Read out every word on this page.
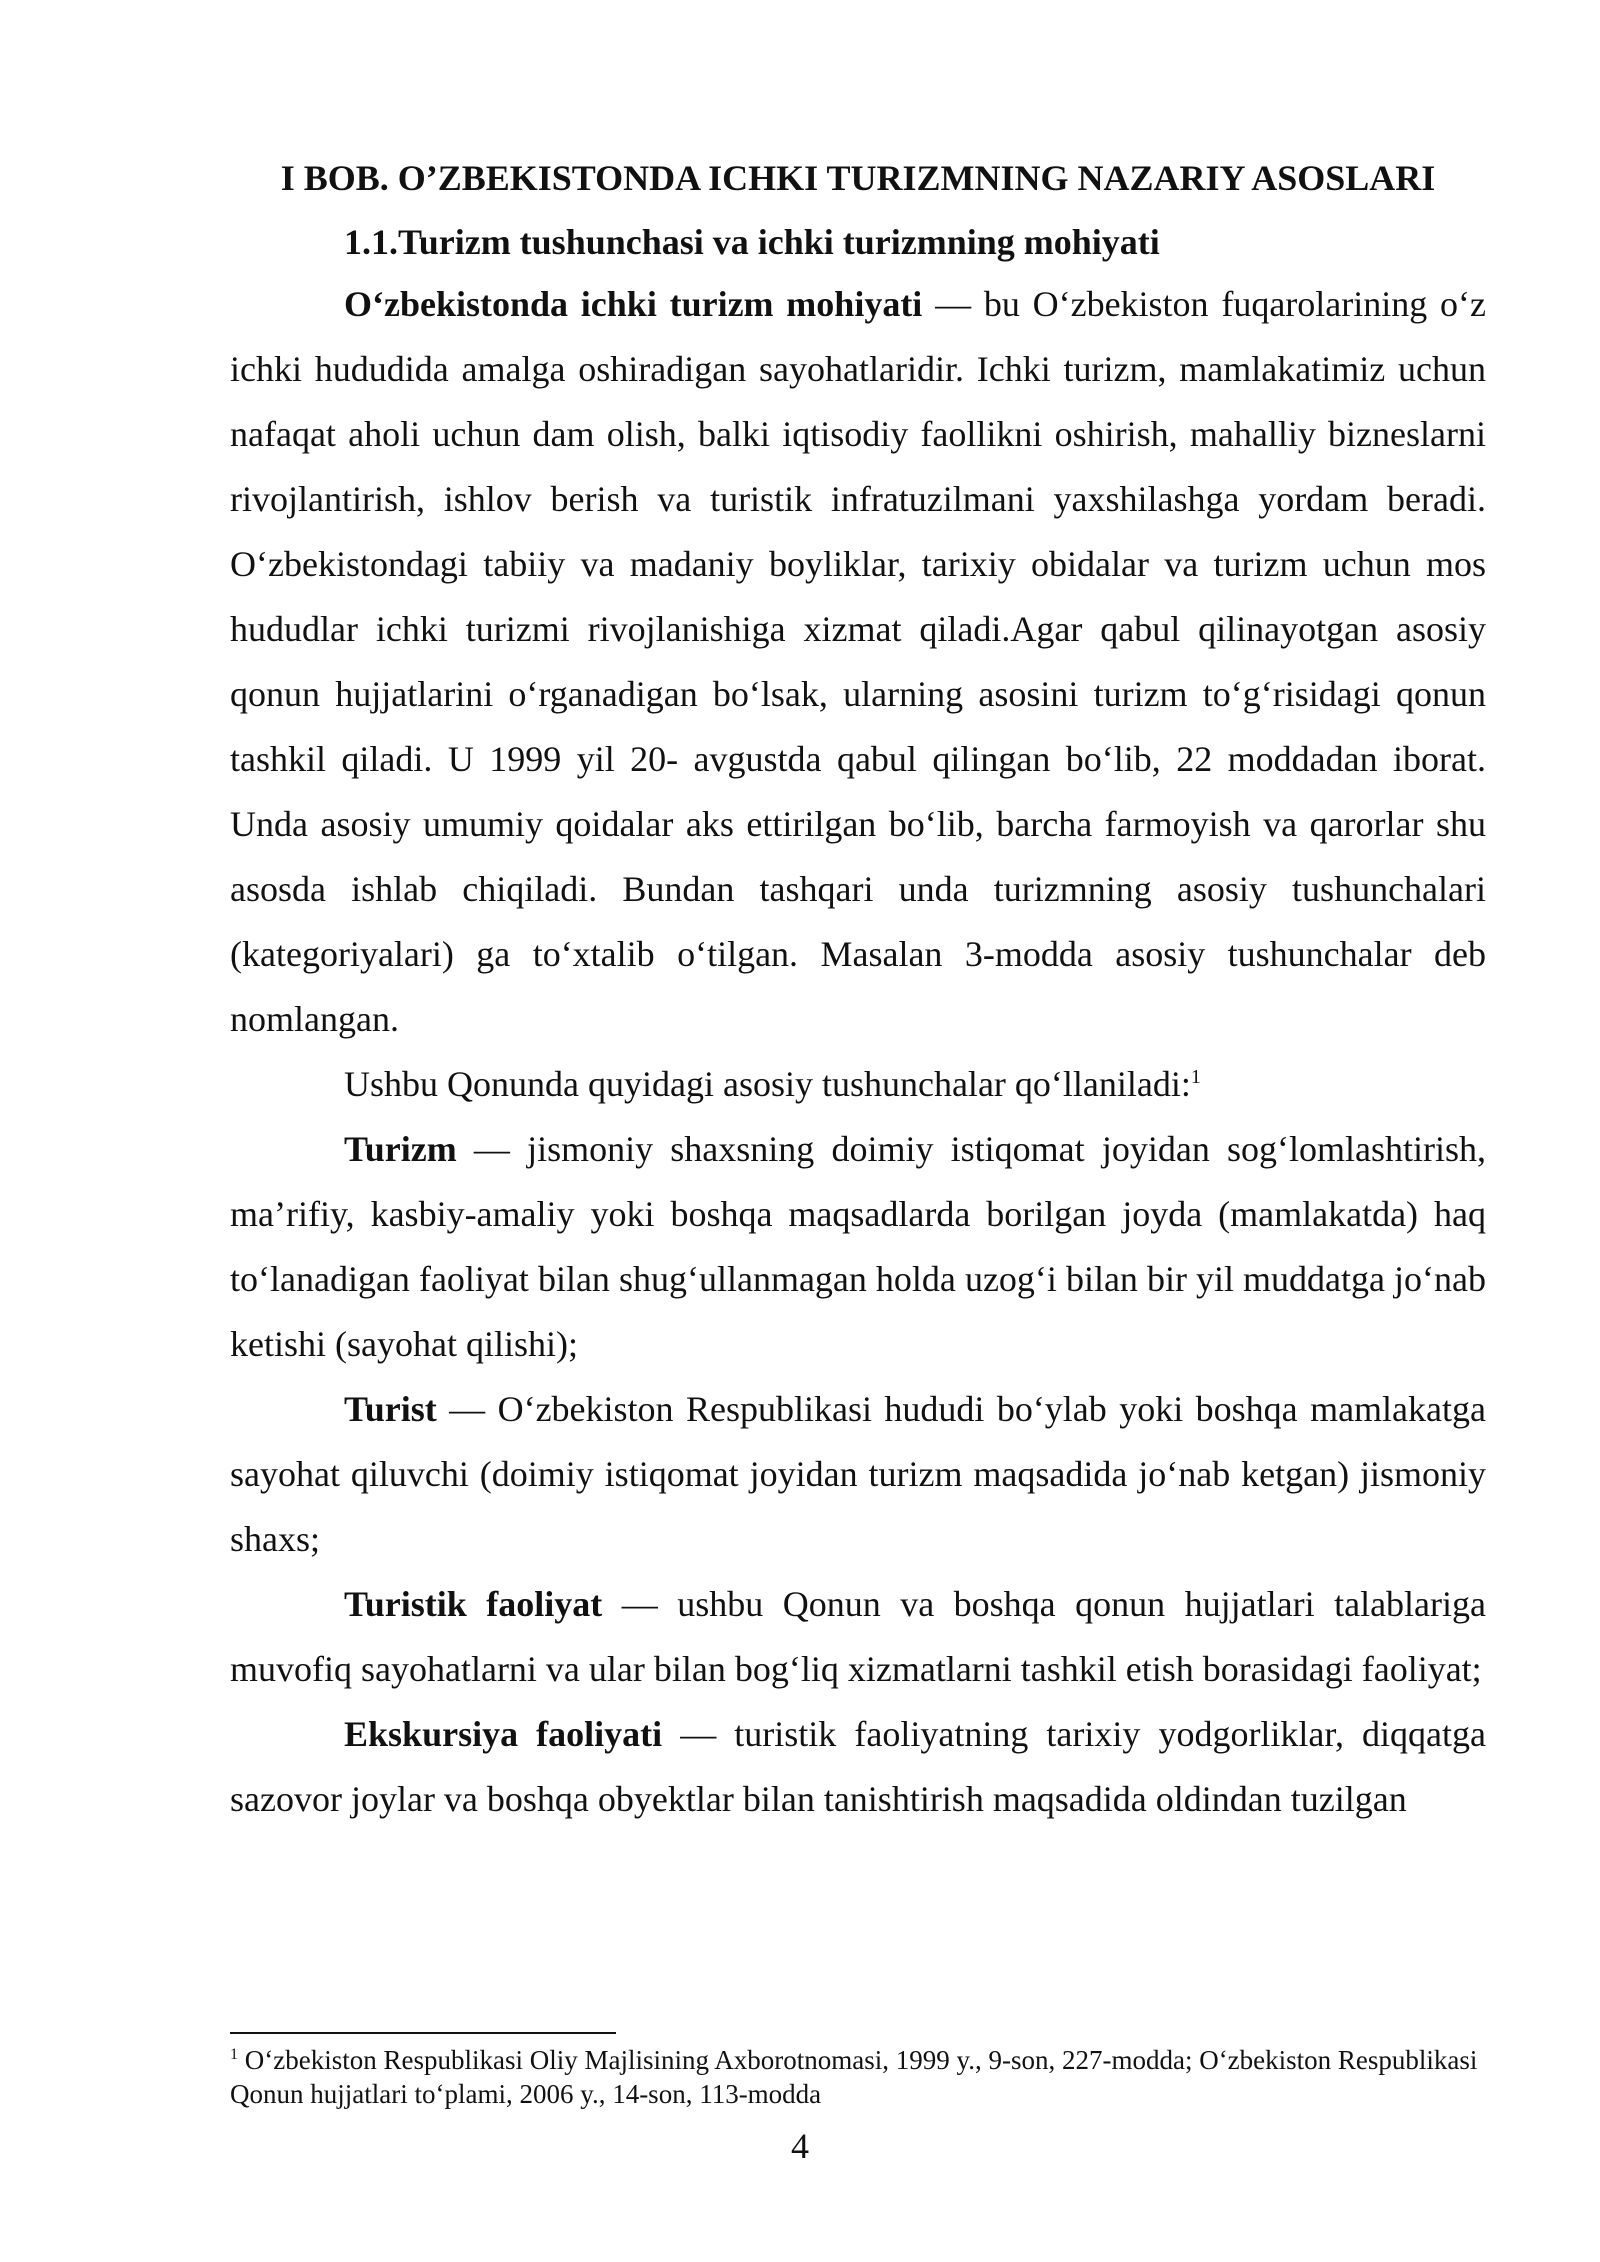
I BOB. O’ZBEKISTONDA ICHKI TURIZMNING NAZARIY ASOSLARI
1.1.Turizm tushunchasi va ichki turizmning mohiyati

O‘zbekistonda ichki turizm mohiyati — bu O‘zbekiston fuqarolarining o‘z ichki hududida amalga oshiradigan sayohatlaridir. Ichki turizm, mamlakatimiz uchun nafaqat aholi uchun dam olish, balki iqtisodiy faollikni oshirish, mahalliy bizneslarni rivojlantirish, ishlov berish va turistik infratuzilmani yaxshilashga yordam beradi. O‘zbekistondagi tabiiy va madaniy boyliklar, tarixiy obidalar va turizm uchun mos hududlar ichki turizmi rivojlanishiga xizmat qiladi.Agar qabul qilinayotgan asosiy qonun hujjatlarini o‘rganadigan bo‘lsak, ularning asosini turizm to‘g‘risidagi qonun tashkil qiladi. U 1999 yil 20- avgustda qabul qilingan bo‘lib, 22 moddadan iborat. Unda asosiy umumiy qoidalar aks ettirilgan bo‘lib, barcha farmoyish va qarorlar shu asosda ishlab chiqiladi. Bundan tashqari unda turizmning asosiy tushunchalari (kategoriyalari) ga to‘xtalib o‘tilgan. Masalan 3-modda asosiy tushunchalar deb nomlangan.

Ushbu Qonunda quyidagi asosiy tushunchalar qo‘llaniladi:$^1$

Turizm — jismoniy shaxsning doimiy istiqomat joyidan sog‘lomlashtirish, ma’rifiy, kasbiy-amaliy yoki boshqa maqsadlarda borilgan joyda (mamlakatda) haq to‘lanadigan faoliyat bilan shug‘ullanmagan holda uzog‘i bilan bir yil muddatga jo‘nab ketishi (sayohat qilishi);

Turist — O‘zbekiston Respublikasi hududi bo‘ylab yoki boshqa mamlakatga sayohat qiluvchi (doimiy istiqomat joyidan turizm maqsadida jo‘nab ketgan) jismoniy shaxs;

Turistik faoliyat — ushbu Qonun va boshqa qonun hujjatlari talablariga muvofiq sayohatlarni va ular bilan bog‘liq xizmatlarni tashkil etish borasidagi faoliyat;

Ekskursiya faoliyati — turistik faoliyatning tarixiy yodgorliklar, diqqatga sazovor joylar va boshqa obyektlar bilan tanishtirish maqsadida oldindan tuzilgan

$^1$ O‘zbekiston Respublikasi Oliy Majlisining Axborotnomasi, 1999 y., 9-son, 227-modda; O‘zbekiston Respublikasi Qonun hujjatlari to‘plami, 2006 y., 14-son, 113-modda
4
